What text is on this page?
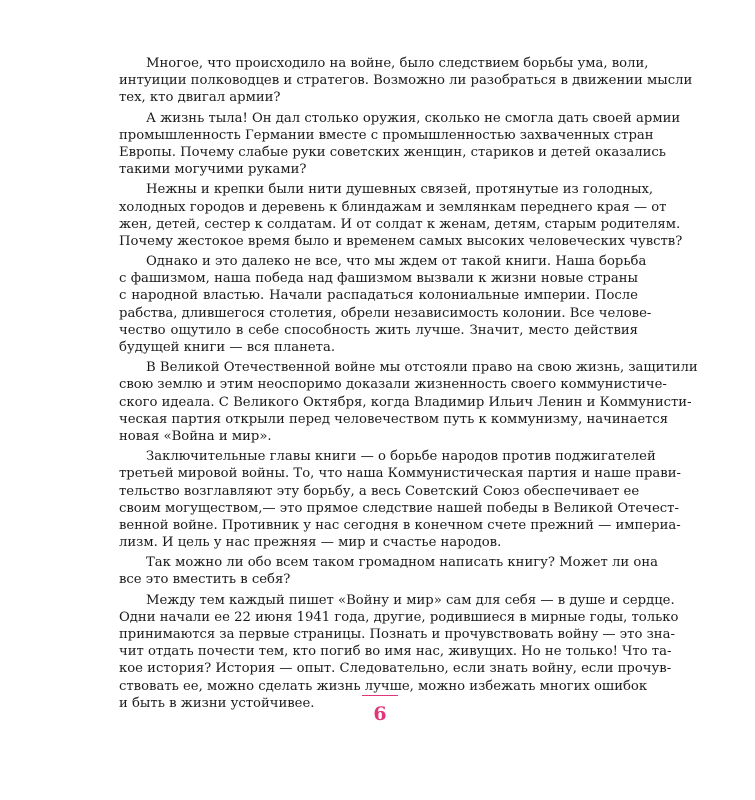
Многое, что происходило на войне, было следствием борьбы ума, воли,
интуиции полководцев и стратегов. Возможно ли разобраться в движении мысли
тех, кто двигал армии?
А жизнь тыла! Он дал столько оружия, сколько не смогла дать своей армии
промышленность Германии вместе с промышленностью захваченных стран
Европы. Почему слабые руки советских женщин, стариков и детей оказались
такими могучими руками?
Нежны и крепки были нити душевных связей, протянутые из голодных,
холодных городов и деревень к блиндажам и землянкам переднего края — от
жен, детей, сестер к солдатам. И от солдат к женам, детям, старым родителям.
Почему жестокое время было и временем самых высоких человеческих чувств?
Однако и это далеко не все, что мы ждем от такой книги. Наша борьба
с фашизмом, наша победа над фашизмом вызвали к жизни новые страны
с народной властью. Начали распадаться колониальные империи. После
рабства, длившегося столетия, обрели независимость колонии. Все челове-
чество ощутило в себе способность жить лучше. Значит, место действия
будущей книги — вся планета.
В Великой Отечественной войне мы отстояли право на свою жизнь, защитили
свою землю и этим неоспоримо доказали жизненность своего коммунистиче-
ского идеала. С Великого Октября, когда Владимир Ильич Ленин и Коммунисти-
ческая партия открыли перед человечеством путь к коммунизму, начинается
новая «Война и мир».
Заключительные главы книги — о борьбе народов против поджигателей
третьей мировой войны. То, что наша Коммунистическая партия и наше прави-
тельство возглавляют эту борьбу, а весь Советский Союз обеспечивает ее
своим могуществом,— это прямое следствие нашей победы в Великой Отечест-
венной войне. Противник у нас сегодня в конечном счете прежний — империа-
лизм. И цель у нас прежняя — мир и счастье народов.
Так можно ли обо всем таком громадном написать книгу? Может ли она
все это вместить в себя?
Между тем каждый пишет «Войну и мир» сам для себя — в душе и сердце.
Одни начали ее 22 июня 1941 года, другие, родившиеся в мирные годы, только
принимаются за первые страницы. Познать и прочувствовать войну — это зна-
чит отдать почести тем, кто погиб во имя нас, живущих. Но не только! Что та-
кое история? История — опыт. Следовательно, если знать войну, если прочув-
ствовать ее, можно сделать жизнь лучше, можно избежать многих ошибок
и быть в жизни устойчивее.	6
